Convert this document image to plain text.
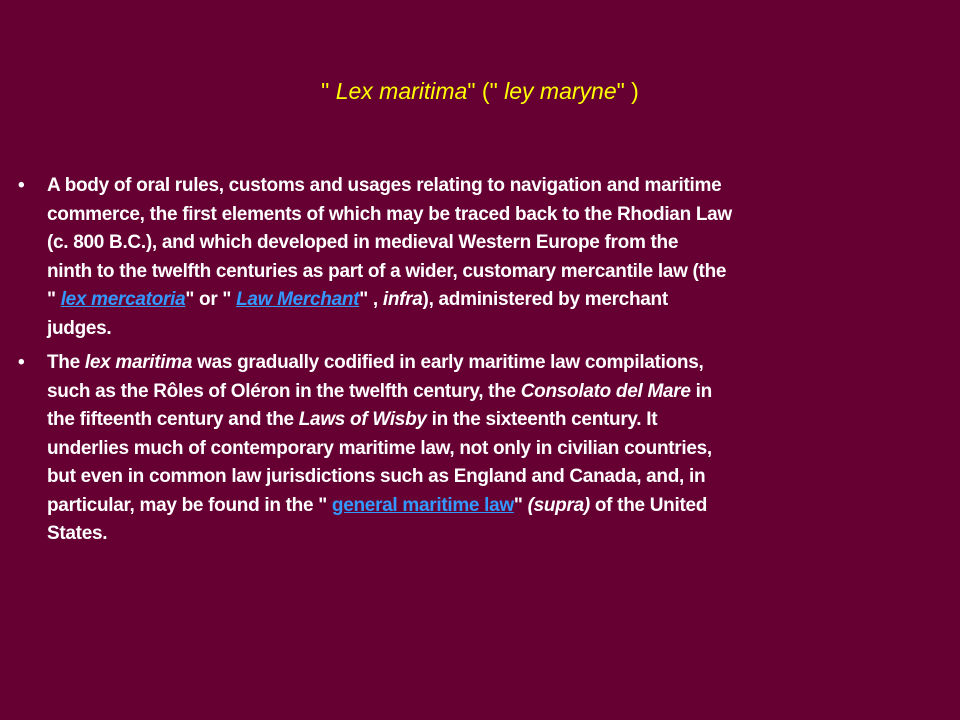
" Lex maritima" (" ley maryne" )
•	A body of oral rules, customs and usages relating to navigation and maritime
commerce, the first elements of which may be traced back to the Rhodian Law
(c. 800 B.C.), and which developed in medieval Western Europe from the
ninth to the twelfth centuries as part of a wider, customary mercantile law (the
" lex mercatoria" or " Law Merchant" , infra), administered by merchant
judges.
•	The lex maritima was gradually codified in early maritime law compilations,
such as the Rôles of Oléron in the twelfth century, the Consolato del Mare in
the fifteenth century and the Laws of Wisby in the sixteenth century. It
underlies much of contemporary maritime law, not only in civilian countries,
but even in common law jurisdictions such as England and Canada, and, in
particular, may be found in the " general maritime law" (supra) of the United
States.
